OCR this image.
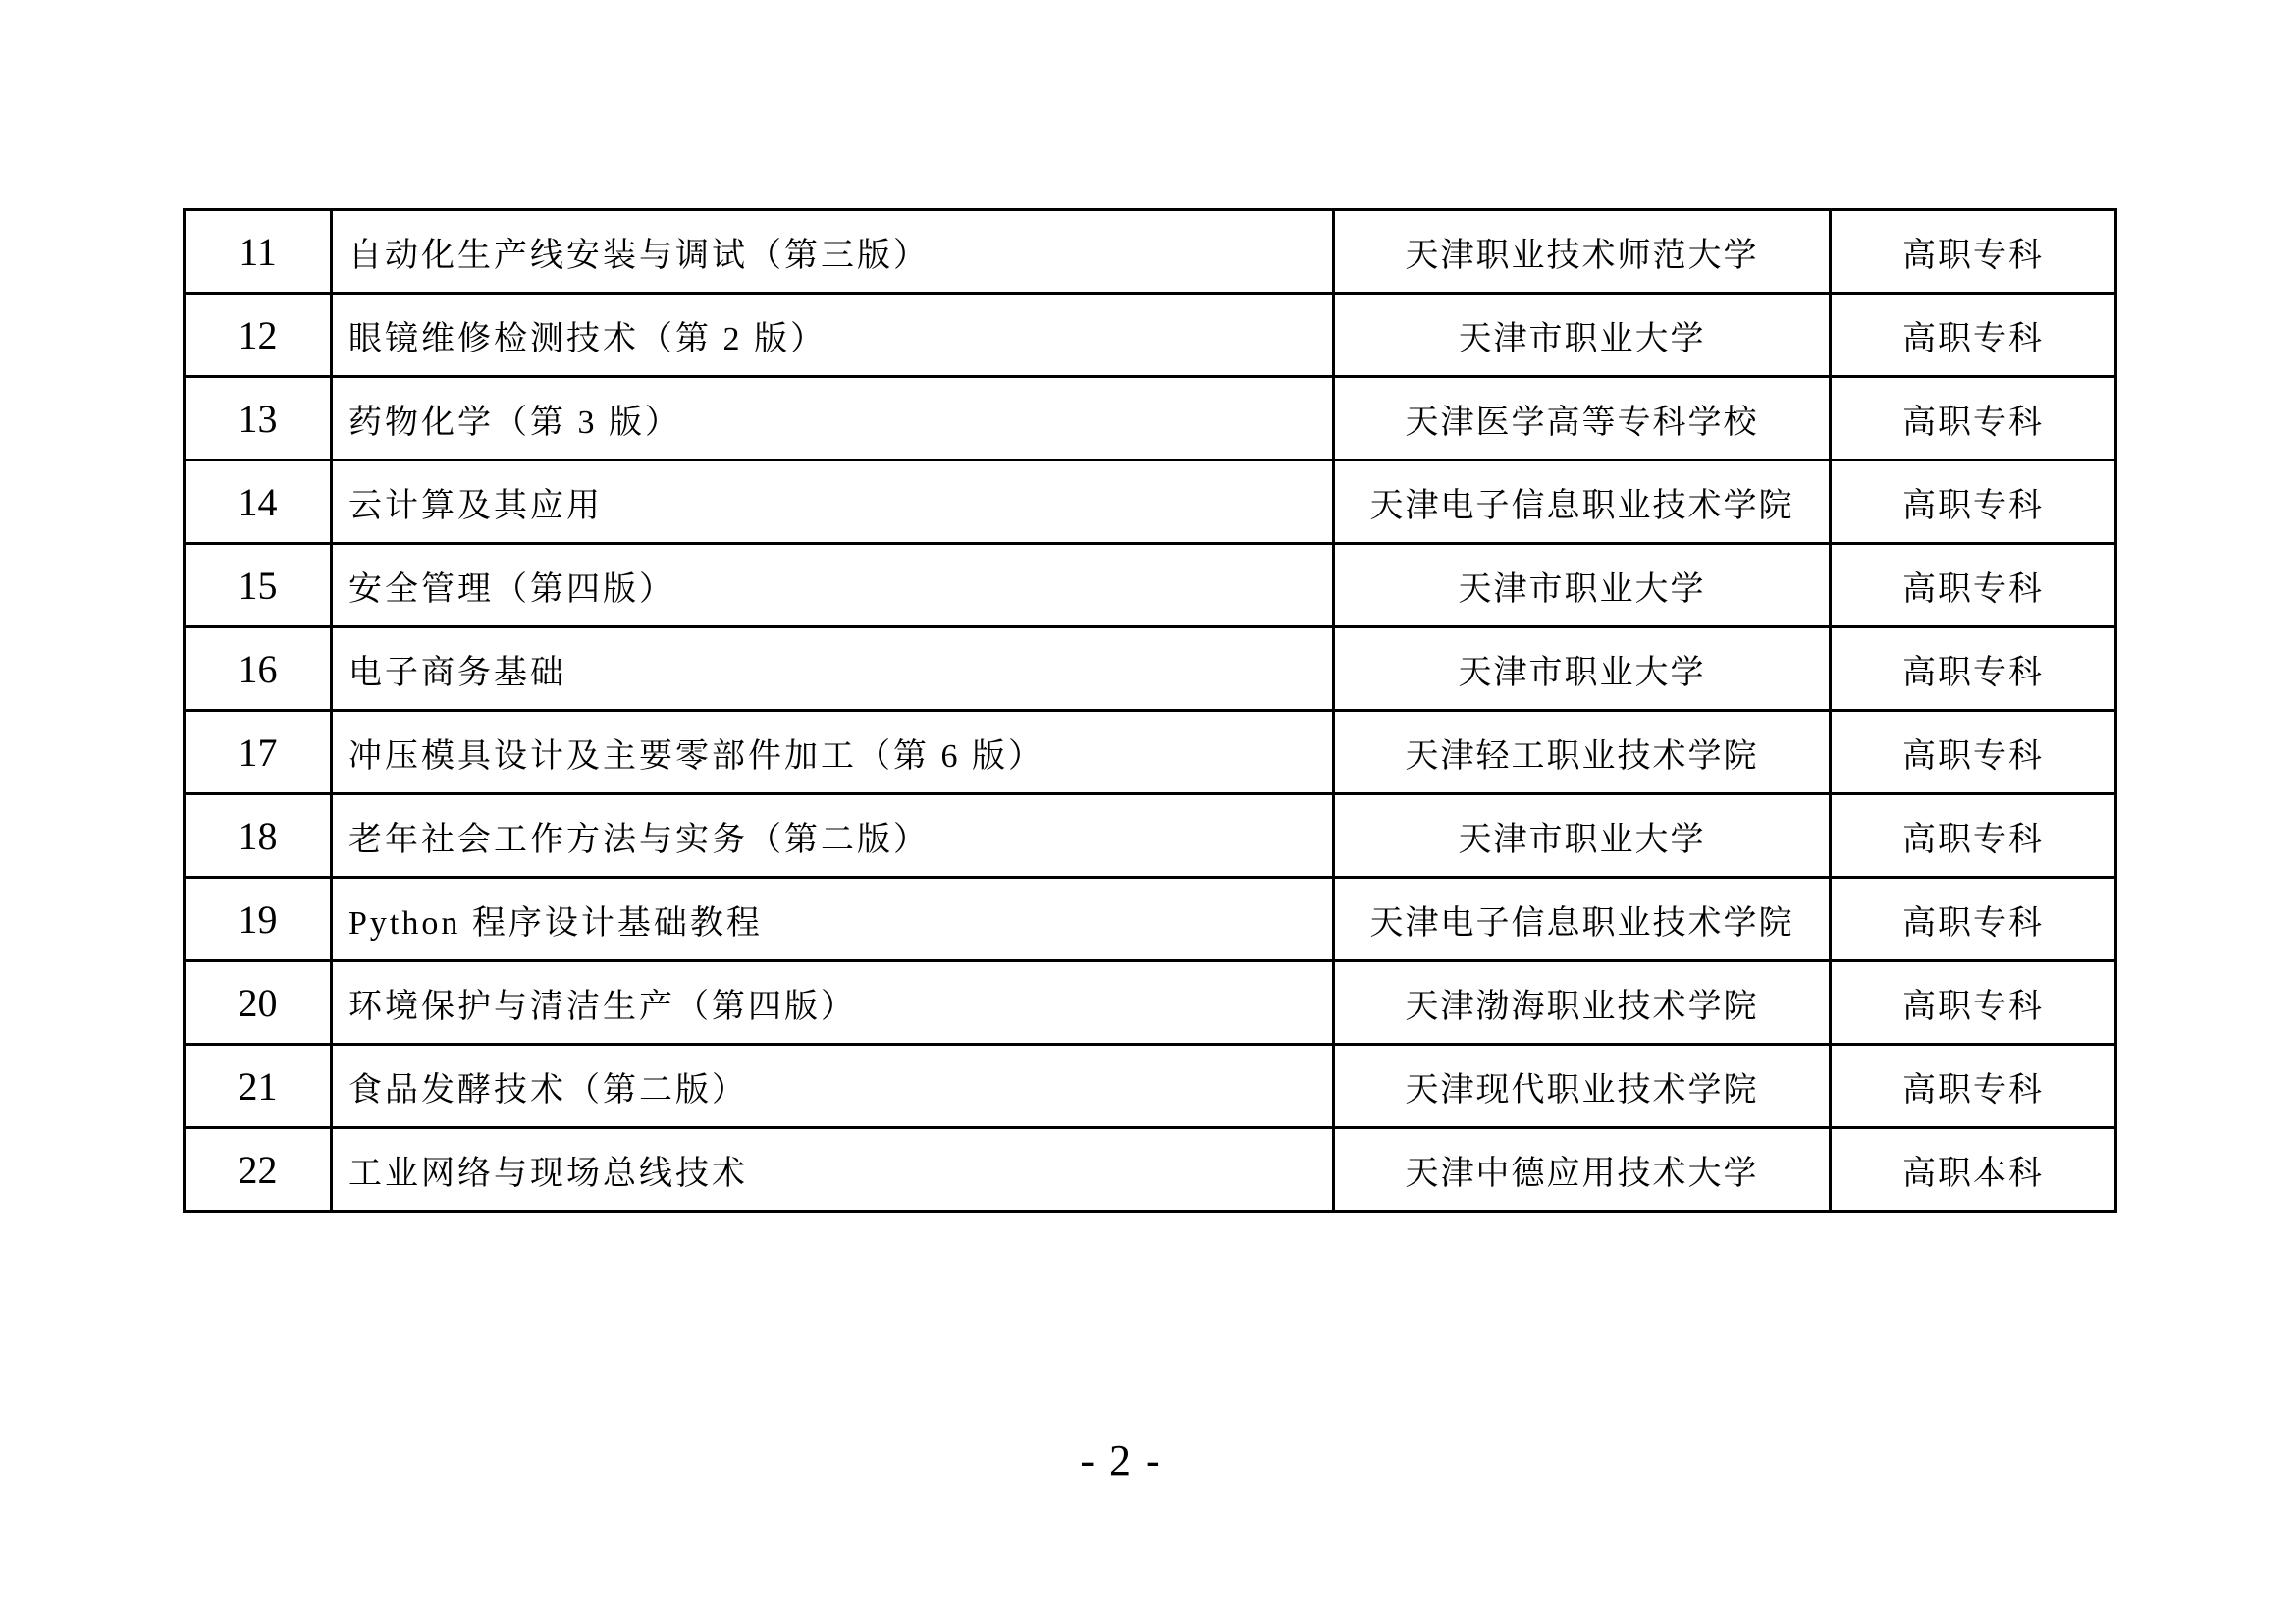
11	自动化生产线安装与调试（第三版）	天津职业技术师范大学	高职专科
12	眼镜维修检测技术（第 2 版）	天津市职业大学	高职专科
13	药物化学（第 3 版）	天津医学高等专科学校	高职专科
14	云计算及其应用	天津电子信息职业技术学院	高职专科
15	安全管理（第四版）	天津市职业大学	高职专科
16	电子商务基础	天津市职业大学	高职专科
17	冲压模具设计及主要零部件加工（第 6 版）	天津轻工职业技术学院	高职专科
18	老年社会工作方法与实务（第二版）	天津市职业大学	高职专科
19	Python 程序设计基础教程	天津电子信息职业技术学院	高职专科
20	环境保护与清洁生产（第四版）	天津渤海职业技术学院	高职专科
21	食品发酵技术（第二版）	天津现代职业技术学院	高职专科
22	工业网络与现场总线技术	天津中德应用技术大学	高职本科
- 2 -
